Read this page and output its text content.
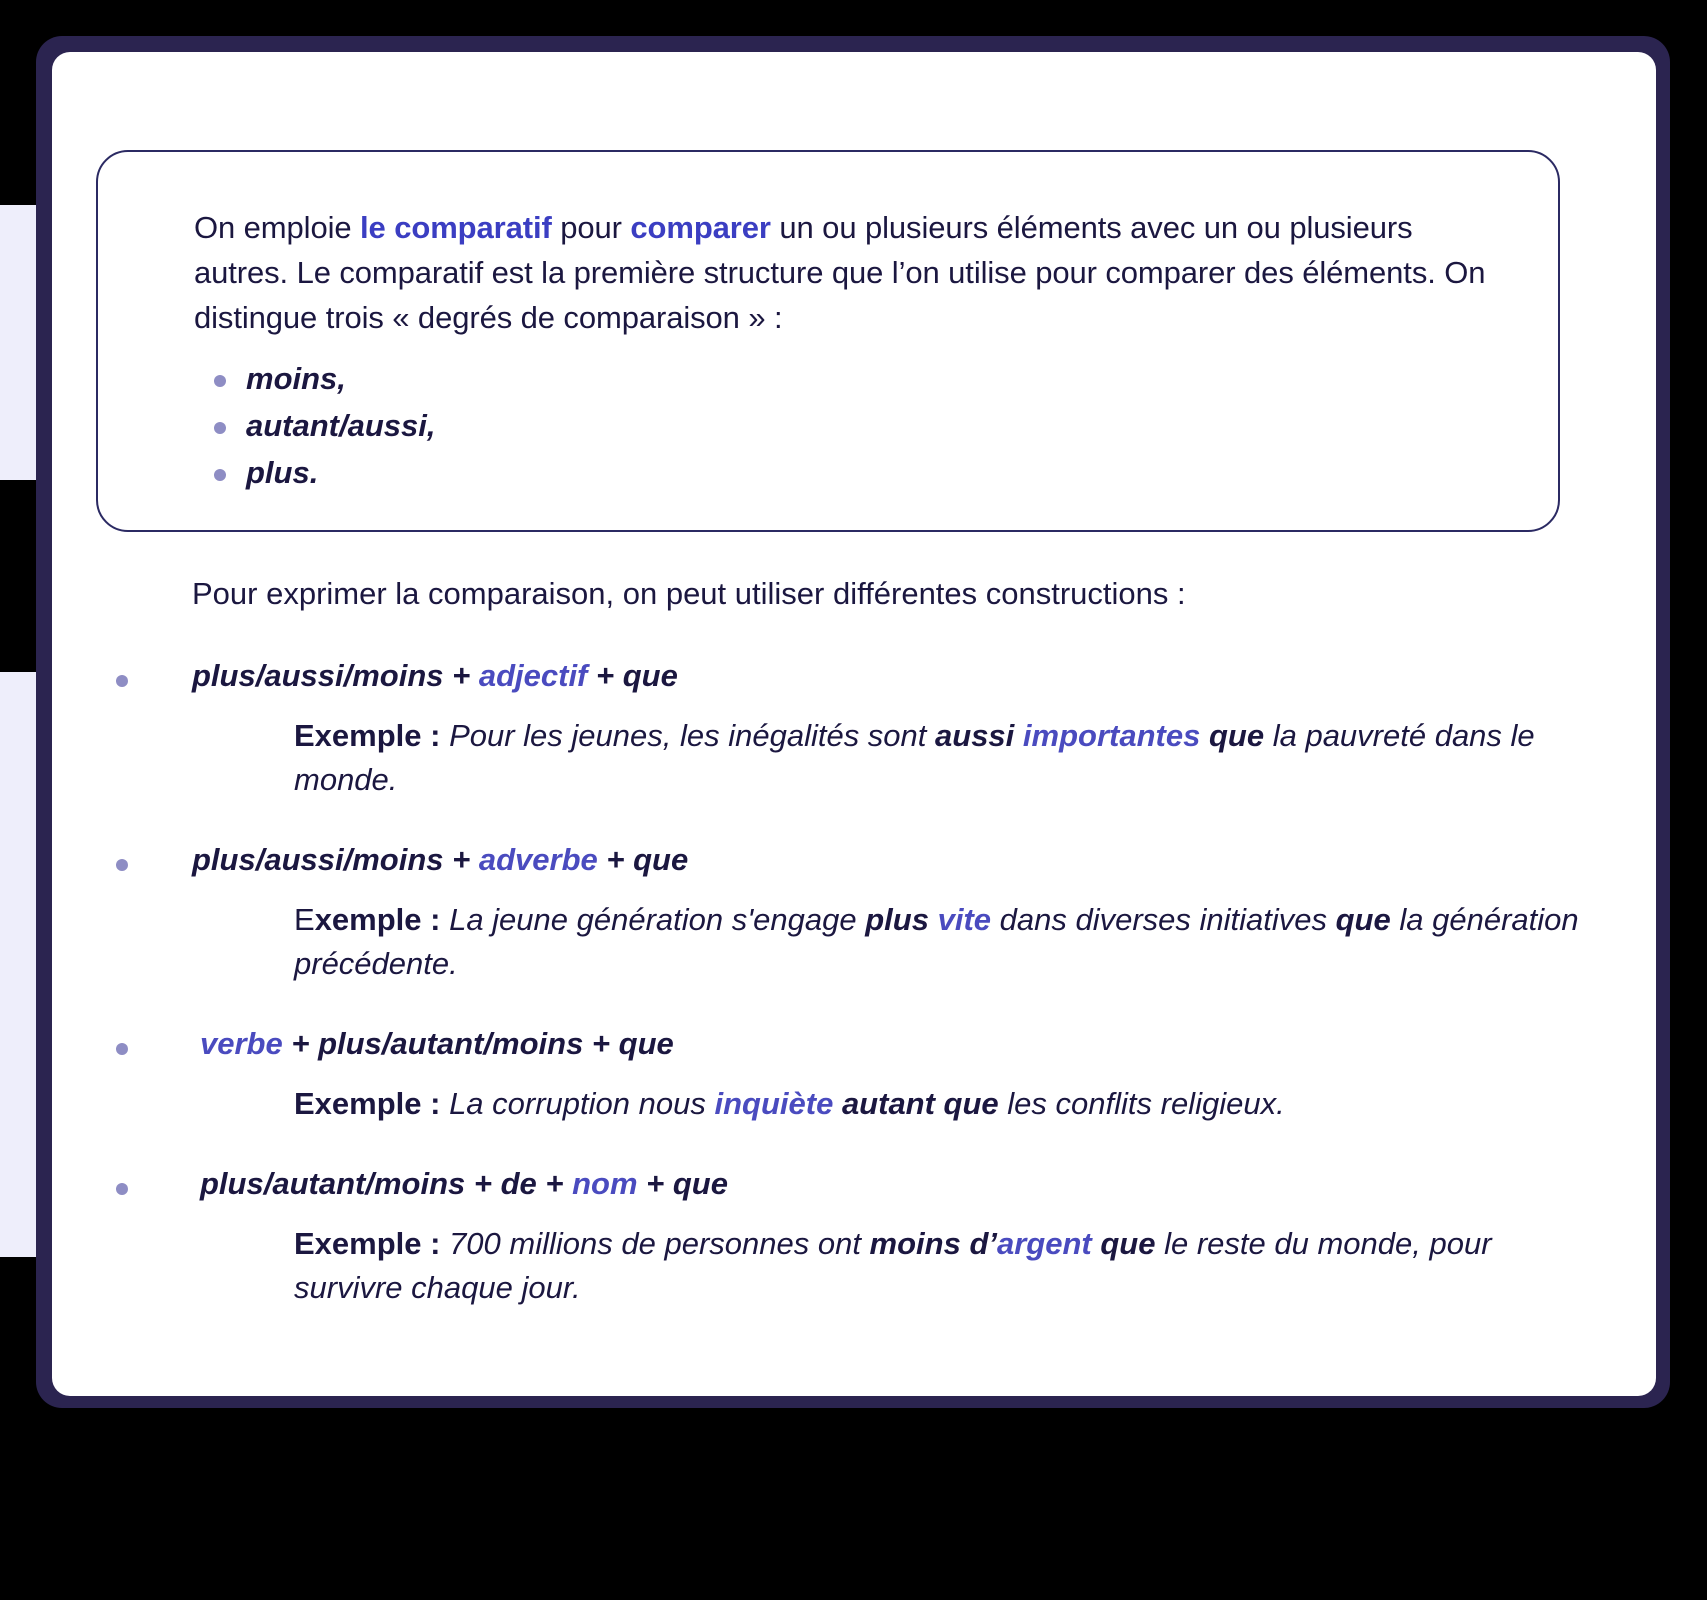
On emploie le comparatif pour comparer un ou plusieurs éléments avec un ou plusieurs autres. Le comparatif est la première structure que l’on utilise pour comparer des éléments. On distingue trois « degrés de comparaison » :

moins,
autant/aussi,
plus.

Pour exprimer la comparaison, on peut utiliser différentes constructions :

plus/aussi/moins + adjectif + que
Exemple : Pour les jeunes, les inégalités sont aussi importantes que la pauvreté dans le monde.
plus/aussi/moins + adverbe + que
Exemple : La jeune génération s'engage plus vite dans diverses initiatives que la génération précédente.
verbe + plus/autant/moins + que
Exemple : La corruption nous inquiète autant que les conflits religieux.
plus/autant/moins + de + nom + que
Exemple : 700 millions de personnes ont moins d’argent que le reste du monde, pour survivre chaque jour.
